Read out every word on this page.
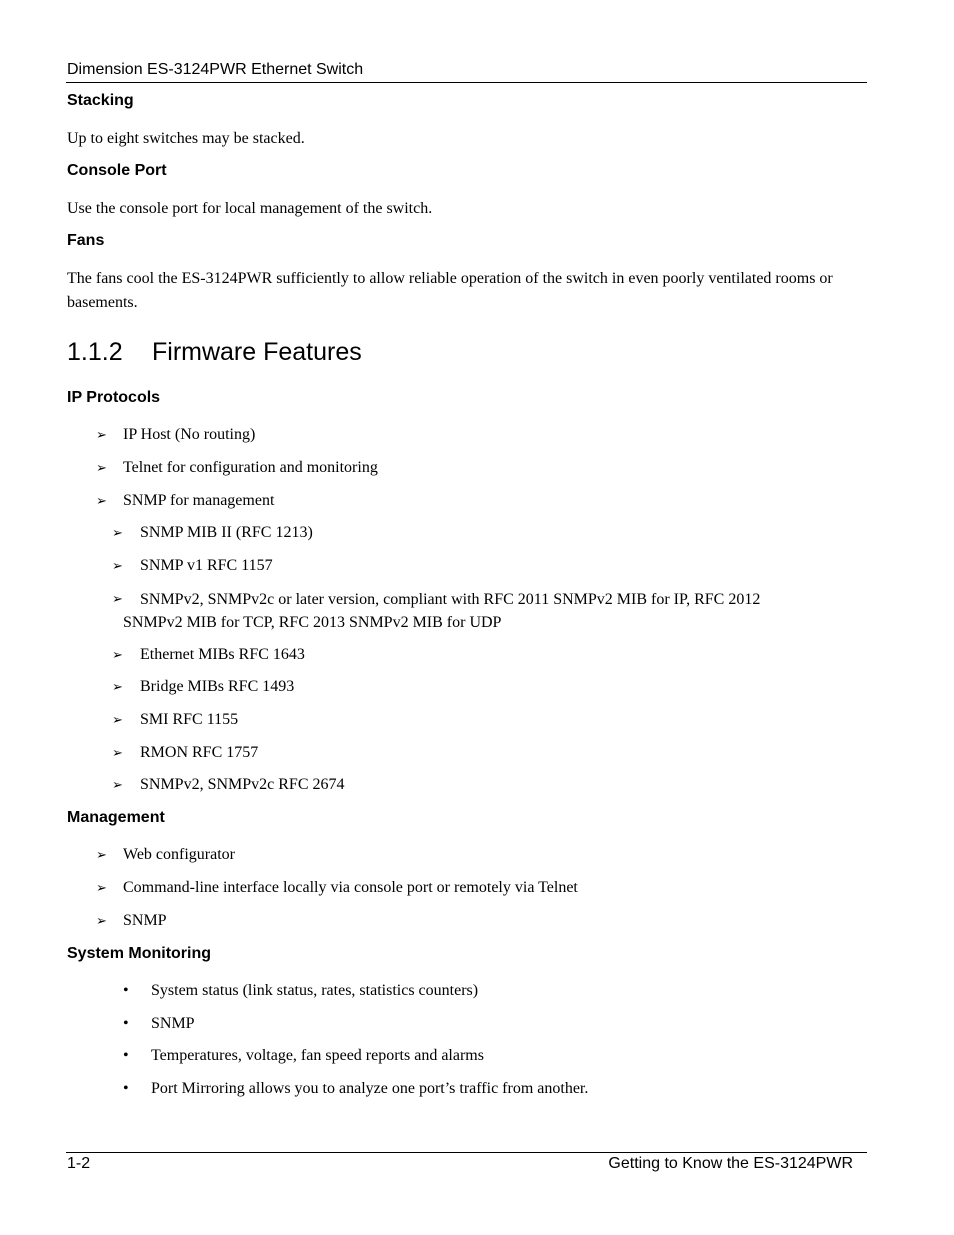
Dimension ES-3124PWR Ethernet Switch
Stacking
Up to eight switches may be stacked.
Console Port
Use the console port for local management of the switch.
Fans
The fans cool the ES-3124PWR sufficiently to allow reliable operation of the switch in even poorly ventilated rooms or basements.
1.1.2 Firmware Features
IP Protocols
➢ IP Host (No routing)
➢ Telnet for configuration and monitoring
➢ SNMP for management
➢ SNMP MIB II (RFC 1213)
➢ SNMP v1 RFC 1157
➢ SNMPv2, SNMPv2c or later version, compliant with RFC 2011 SNMPv2 MIB for IP, RFC 2012
SNMPv2 MIB for TCP, RFC 2013 SNMPv2 MIB for UDP
➢ Ethernet MIBs RFC 1643
➢ Bridge MIBs RFC 1493
➢ SMI RFC 1155
➢ RMON RFC 1757
➢ SNMPv2, SNMPv2c RFC 2674
Management
➢ Web configurator
➢ Command-line interface locally via console port or remotely via Telnet
➢ SNMP
System Monitoring
• System status (link status, rates, statistics counters)
• SNMP
• Temperatures, voltage, fan speed reports and alarms
• Port Mirroring allows you to analyze one port’s traffic from another.
1-2	Getting to Know the ES-3124PWR
